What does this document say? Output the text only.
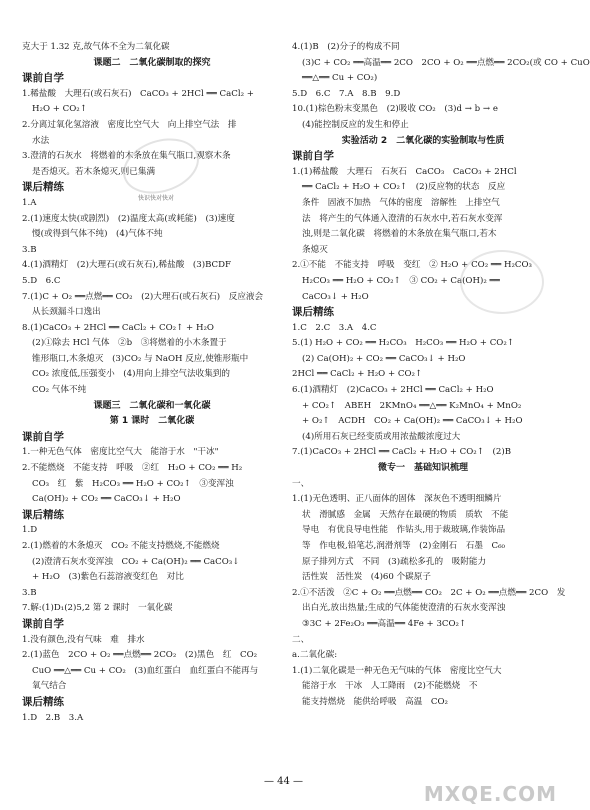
克大于 1.32 克,故气体不全为二氧化碳
课题二　二氧化碳制取的探究
课前自学
1.稀盐酸　大理石(或石灰石)　CaCO₃ + 2HCl ══ CaCl₂ +
H₂O + CO₂↑
2.分离过氧化氢溶液　密度比空气大　向上排空气法　排
水法
3.澄清的石灰水　将燃着的木条放在集气瓶口,观察木条
是否熄灭。若木条熄灭,则已集满
课后精练
1.A
2.(1)速度太快(或剧烈)　(2)温度太高(或耗能)　(3)速度
慢(或得到气体不纯)　(4)气体不纯
3.B
4.(1)酒精灯　(2)大理石(或石灰石),稀盐酸　(3)BCDF
5.D　6.C
7.(1)C + O₂ ══点燃══ CO₂　(2)大理石(或石灰石)　反应液会
从长颈漏斗口逸出
8.(1)CaCO₃ + 2HCl ══ CaCl₂ + CO₂↑ + H₂O
(2)①除去 HCl 气体　②b　③将燃着的小木条置于
锥形瓶口,木条熄灭　(3)CO₂ 与 NaOH 反应,使锥形瓶中
CO₂ 浓度低,压强变小　(4)用向上排空气法收集到的
CO₂ 气体不纯
课题三　二氧化碳和一氧化碳
第 1 课时　二氧化碳
课前自学
1.一种无色气体　密度比空气大　能溶于水　"干冰"
2.不能燃烧　不能支持　呼吸　②红　H₂O + CO₂ ══ H₂
CO₃　红　紫　H₂CO₃ ══ H₂O + CO₂↑　③变浑浊
Ca(OH)₂ + CO₂ ══ CaCO₃↓ + H₂O
课后精练
1.D
2.(1)燃着的木条熄灭　CO₂ 不能支持燃烧,不能燃烧
(2)澄清石灰水变浑浊　CO₂ + Ca(OH)₂ ══ CaCO₃↓
+ H₂O　(3)紫色石蕊溶液变红色　对比
3.B
7.解:(1)D₁(2)5,2 第 2 课时　一氧化碳
课前自学
1.没有颜色,没有气味　难　排水
2.(1)蓝色　2CO + O₂ ══点燃══ 2CO₂　(2)黑色　红　CO₂
CuO ══△══ Cu + CO₂　(3)血红蛋白　血红蛋白不能再与
氧气结合
课后精练
1.D　2.B　3.A
4.(1)B　(2)分子的构成不同
(3)C + CO₂ ══高温══ 2CO　2CO + O₂ ══点燃══ 2CO₂(或 CO + CuO
══△══ Cu + CO₂)
5.D　6.C　7.A　8.B　9.D
10.(1)棕色粉末变黑色　(2)吸收 CO₂　(3)d → b → e
(4)能控制反应的发生和停止
实验活动 2　二氧化碳的实验制取与性质
课前自学
1.(1)稀盐酸　大理石　石灰石　CaCO₃　CaCO₃ + 2HCl
══ CaCl₂ + H₂O + CO₂↑　(2)反应物的状态　反应
条件　固液不加热　气体的密度　溶解性　上排空气
法　将产生的气体通入澄清的石灰水中,若石灰水变浑
浊,则是二氧化碳　将燃着的木条放在集气瓶口,若木
条熄灭
2.①不能　不能支持　呼吸　变红　② H₂O + CO₂ ══ H₂CO₃
H₂CO₃ ══ H₂O + CO₂↑　③ CO₂ + Ca(OH)₂ ══
CaCO₃↓ + H₂O
课后精练
1.C　2.C　3.A　4.C
5.(1) H₂O + CO₂ ══ H₂CO₃　H₂CO₃ ══ H₂O + CO₂↑
(2) Ca(OH)₂ + CO₂ ══ CaCO₃↓ + H₂O
2HCl ══ CaCl₂ + H₂O + CO₂↑
6.(1)酒精灯　(2)CaCO₃ + 2HCl ══ CaCl₂ + H₂O
+ CO₂↑　ABEH　2KMnO₄ ══△══ K₂MnO₄ + MnO₂
+ O₂↑　ACDH　CO₂ + Ca(OH)₂ ══ CaCO₃↓ + H₂O
(4)所用石灰已经变质或用浓盐酸浓度过大
7.(1)CaCO₃ + 2HCl ══ CaCl₂ + H₂O + CO₂↑　(2)B
微专一　基础知识梳理
一、
1.(1)无色透明、正八面体的固体　深灰色不透明细鳞片
状　滑腻感　金属　天然存在最硬的物质　质软　不能
导电　有优良导电性能　作钻头,用于裁玻璃,作装饰品
等　作电极,铅笔芯,润滑剂等　(2)金刚石　石墨　C₆₀
原子排列方式　不同　(3)疏松多孔的　吸附能力
活性炭　活性炭　(4)60 个碳原子
2.①不活泼　②C + O₂ ══点燃══ CO₂　2C + O₂ ══点燃══ 2CO　发
出白光,放出热量;生成的气体能使澄清的石灰水变浑浊
③3C + 2Fe₂O₃ ══高温══ 4Fe + 3CO₂↑
二、
a.二氧化碳:
1.(1)二氧化碳是一种无色无气味的气体　密度比空气大
能溶于水　干冰　人工降雨　(2)不能燃烧　不
能支持燃烧　能供给呼吸　高温　CO₂
快识快对快对
— 44 —
MXQE.COM
